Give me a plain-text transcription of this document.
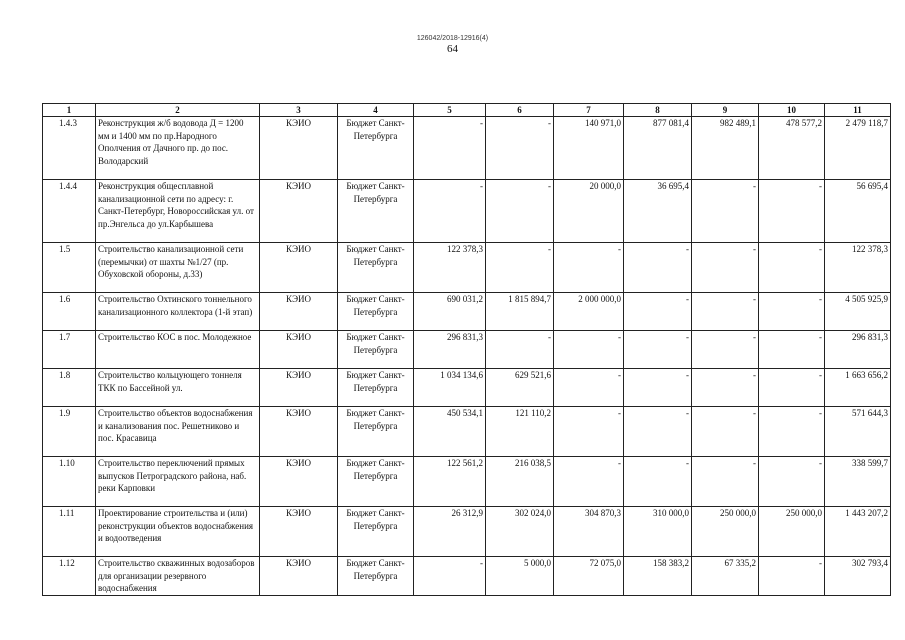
126042/2018-12916(4)
64
1	2	3	4	5	6	7	8	9	10	11
1.4.3	Реконструкция ж/б водовода Д = 1200 мм и 1400 мм по пр.Народного Ополчения от Дачного пр. до пос. Володарский	КЭИО	Бюджет Санкт-Петербурга	-	-	140 971,0	877 081,4	982 489,1	478 577,2	2 479 118,7
1.4.4	Реконструкция общесплавной канализационной сети по адресу: г. Санкт-Петербург, Новороссийская ул. от пр.Энгельса до ул.Карбышева	КЭИО	Бюджет Санкт-Петербурга	-	-	20 000,0	36 695,4	-	-	56 695,4
1.5	Строительство канализационной сети (перемычки) от шахты №1/27 (пр. Обуховской обороны, д.33)	КЭИО	Бюджет Санкт-Петербурга	122 378,3	-	-	-	-	-	122 378,3
1.6	Строительство Охтинского тоннельного канализационного коллектора (1-й этап)	КЭИО	Бюджет Санкт-Петербурга	690 031,2	1 815 894,7	2 000 000,0	-	-	-	4 505 925,9
1.7	Строительство КОС в пос. Молодежное	КЭИО	Бюджет Санкт-Петербурга	296 831,3	-	-	-	-	-	296 831,3
1.8	Строительство кольцующего тоннеля ТКК по Бассейной ул.	КЭИО	Бюджет Санкт-Петербурга	1 034 134,6	629 521,6	-	-	-	-	1 663 656,2
1.9	Строительство объектов водоснабжения и канализования пос. Решетниково и пос. Красавица	КЭИО	Бюджет Санкт-Петербурга	450 534,1	121 110,2	-	-	-	-	571 644,3
1.10	Строительство переключений прямых выпусков Петроградского района, наб. реки Карповки	КЭИО	Бюджет Санкт-Петербурга	122 561,2	216 038,5	-	-	-	-	338 599,7
1.11	Проектирование строительства и (или) реконструкции объектов водоснабжения и водоотведения	КЭИО	Бюджет Санкт-Петербурга	26 312,9	302 024,0	304 870,3	310 000,0	250 000,0	250 000,0	1 443 207,2
1.12	Строительство скважинных водозаборов для организации резервного водоснабжения	КЭИО	Бюджет Санкт-Петербурга	-	5 000,0	72 075,0	158 383,2	67 335,2	-	302 793,4
